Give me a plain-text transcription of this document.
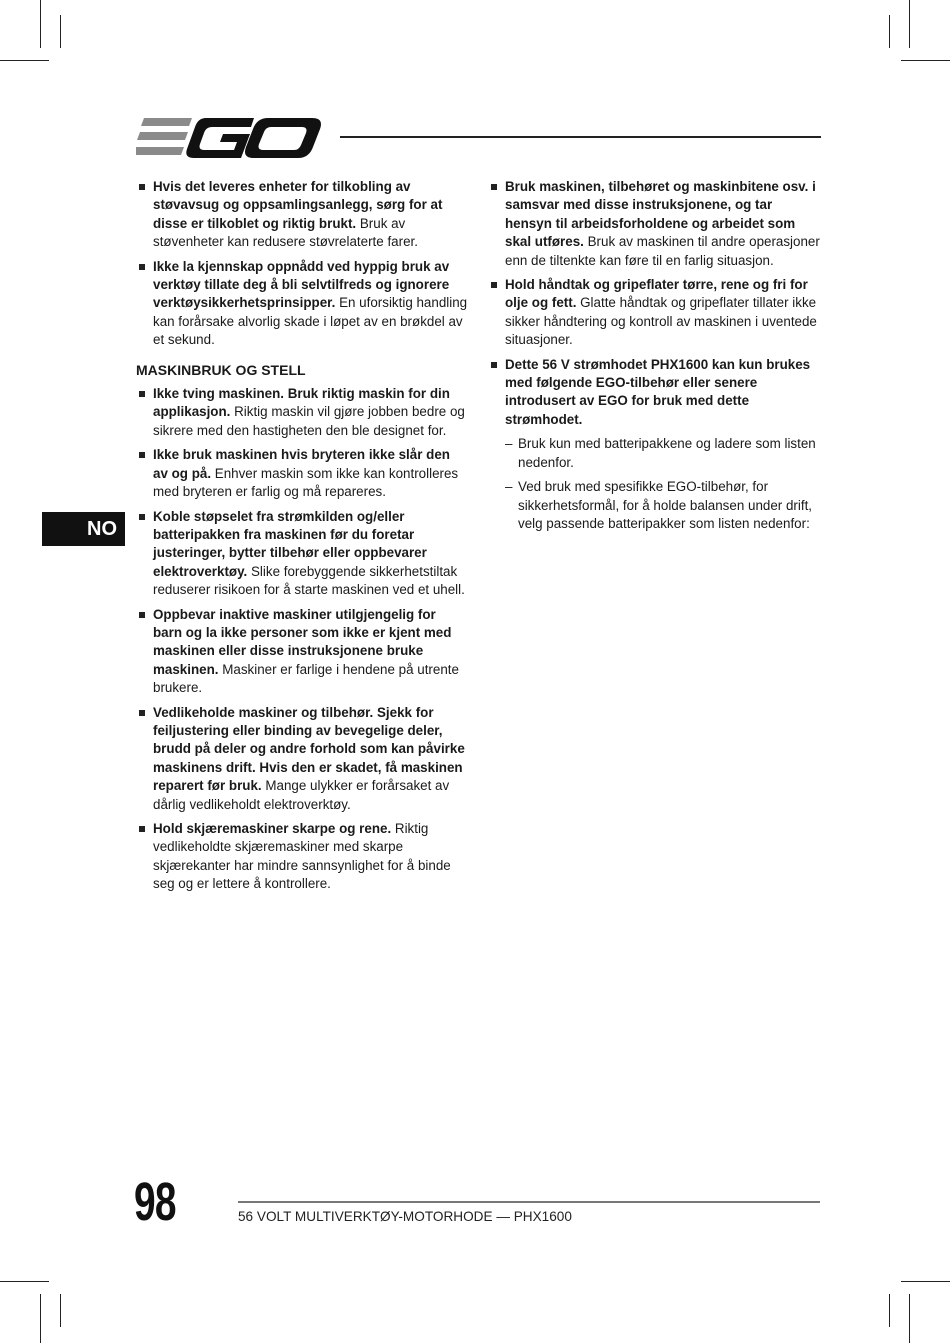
NO
Hvis det leveres enheter for tilkobling av støvavsug og oppsamlingsanlegg, sørg for at disse er tilkoblet og riktig brukt. Bruk av støvenheter kan redusere støvrelaterte farer.
Ikke la kjennskap oppnådd ved hyppig bruk av verktøy tillate deg å bli selvtilfreds og ignorere verktøysikkerhetsprinsipper. En uforsiktig handling kan forårsake alvorlig skade i løpet av en brøkdel av et sekund.
MASKINBRUK OG STELL
Ikke tving maskinen. Bruk riktig maskin for din applikasjon. Riktig maskin vil gjøre jobben bedre og sikrere med den hastigheten den ble designet for.
Ikke bruk maskinen hvis bryteren ikke slår den av og på. Enhver maskin som ikke kan kontrolleres med bryteren er farlig og må repareres.
Koble støpselet fra strømkilden og/eller batteripakken fra maskinen før du foretar justeringer, bytter tilbehør eller oppbevarer elektroverktøy. Slike forebyggende sikkerhetstiltak reduserer risikoen for å starte maskinen ved et uhell.
Oppbevar inaktive maskiner utilgjengelig for barn og la ikke personer som ikke er kjent med maskinen eller disse instruksjonene bruke maskinen. Maskiner er farlige i hendene på utrente brukere.
Vedlikeholde maskiner og tilbehør. Sjekk for feiljustering eller binding av bevegelige deler, brudd på deler og andre forhold som kan påvirke maskinens drift. Hvis den er skadet, få maskinen reparert før bruk. Mange ulykker er forårsaket av dårlig vedlikeholdt elektroverktøy.
Hold skjæremaskiner skarpe og rene. Riktig vedlikeholdte skjæremaskiner med skarpe skjærekanter har mindre sannsynlighet for å binde seg og er lettere å kontrollere.
Bruk maskinen, tilbehøret og maskinbitene osv. i samsvar med disse instruksjonene, og tar hensyn til arbeidsforholdene og arbeidet som skal utføres. Bruk av maskinen til andre operasjoner enn de tiltenkte kan føre til en farlig situasjon.
Hold håndtak og gripeflater tørre, rene og fri for olje og fett. Glatte håndtak og gripeflater tillater ikke sikker håndtering og kontroll av maskinen i uventede situasjoner.
Dette 56 V strømhodet PHX1600 kan kun brukes med følgende EGO-tilbehør eller senere introdusert av EGO for bruk med dette strømhodet.
– Bruk kun med batteripakkene og ladere som listen nedenfor.
– Ved bruk med spesifikke EGO-tilbehør, for sikkerhetsformål, for å holde balansen under drift, velg passende batteripakker som listen nedenfor:
98	56 VOLT MULTIVERKTØY-MOTORHODE — PHX1600
